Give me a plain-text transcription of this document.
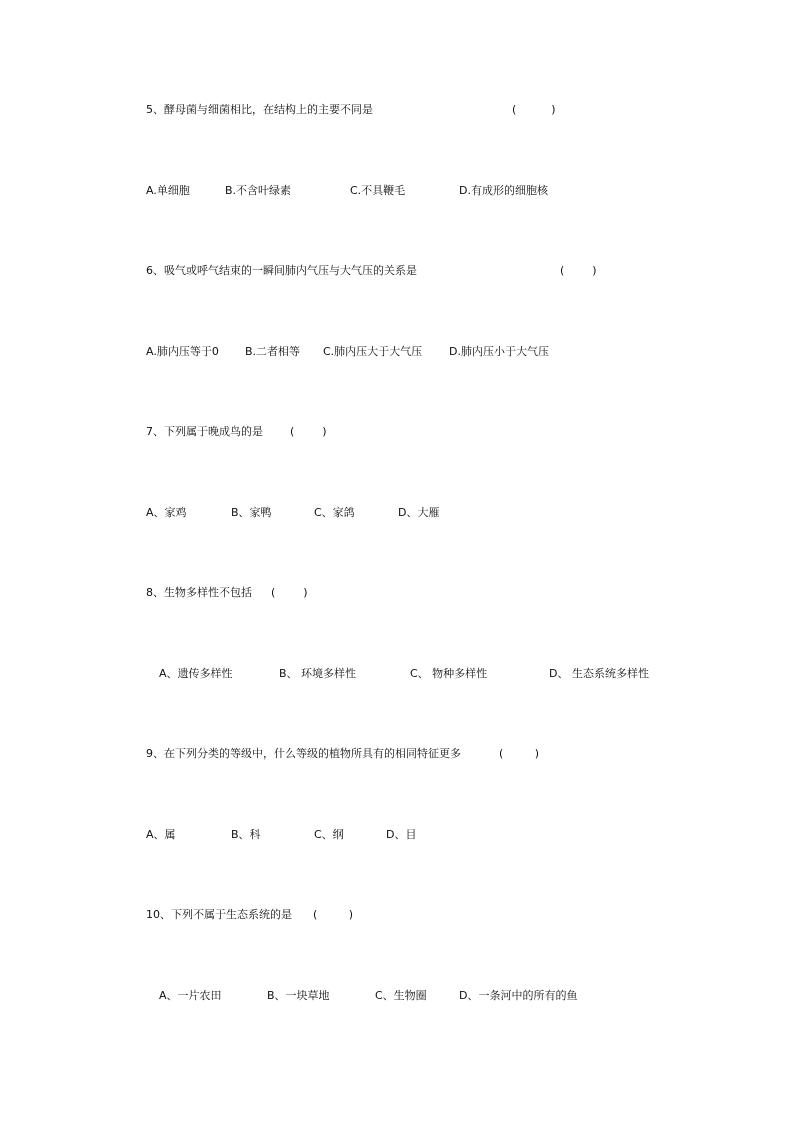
5、酵母菌与细菌相比，在结构上的主要不同是

	(          )

A.单细胞

	B.不含叶绿素

	C.不具鞭毛

	D.有成形的细胞核

6、吸气或呼气结束的一瞬间肺内气压与大气压的关系是

	(        )

A.肺内压等于0

B.二者相等

C.肺内压大于大气压

D.肺内压小于大气压

7、下列属于晚成鸟的是

(        )

A、家鸡

	B、家鸭

	C、家鸽

	D、大雁

8、生物多样性不包括

(        )

A、遗传多样性

	B、 环境多样性

	C、 物种多样性

	D、 生态系统多样性

9、在下列分类的等级中，什么等级的植物所具有的相同特征更多

	(         )

A、属

	B、科

	C、纲

	D、目

10、下列不属于生态系统的是

(         )

A、一片农田

	B、一块草地

	C、生物圈

	D、一条河中的所有的鱼
